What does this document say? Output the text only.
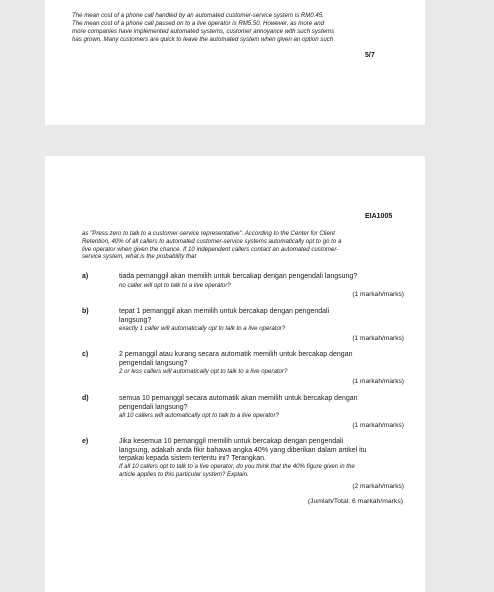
The mean cost of a phone call handled by an automated customer-service system is RM0.45.

The mean cost of a phone call passed on to a live operator is RM5.50. However, as more and

more companies have implemented automated systems, customer annoyance with such systems

has grown. Many customers are quick to leave the automated system when given an option such

5/7
EIA1005
as "Press zero to talk to a customer-service representative". According to the Center for Client
Retention, 40% of all callers to automated customer-service systems automatically opt to go to a
live operator when given the chance. If 10 independent callers contact an automated customer-
service system, what is the probability that
a)	tiada pemanggil akan memilih untuk bercakap dengan pengendali langsung?
no caller will opt to talk to a live operator?
(1 markah/marks)
b)	tepat 1 pemanggil akan memilih untuk bercakap dengan pengendali
langsung?
exactly 1 caller will automatically opt to talk to a live operator?
(1 markah/marks)
c)	2 pemanggil atau kurang secara automatik memilih untuk bercakap dengan
pengendali langsung?
2 or less callers will automatically opt to talk to a live operator?
(1 markah/marks)
d)	semua 10 pemanggil secara automatik akan memilih untuk bercakap dengan
pengendali langsung?
all 10 callers will automatically opt to talk to a live operator?
(1 markah/marks)
e)	Jika kesemua 10 pemanggil memilih untuk bercakap dengan pengendali
langsung, adakah anda fikir bahawa angka 40% yang diberikan dalam artikel itu
terpakai kepada sistem tertentu ini? Terangkan.
If all 10 callers opt to talk to a live operator, do you think that the 40% figure given in the
article applies to this particular system? Explain.
(2 markah/marks)
(Jumlah/Total: 6 markah/marks)
